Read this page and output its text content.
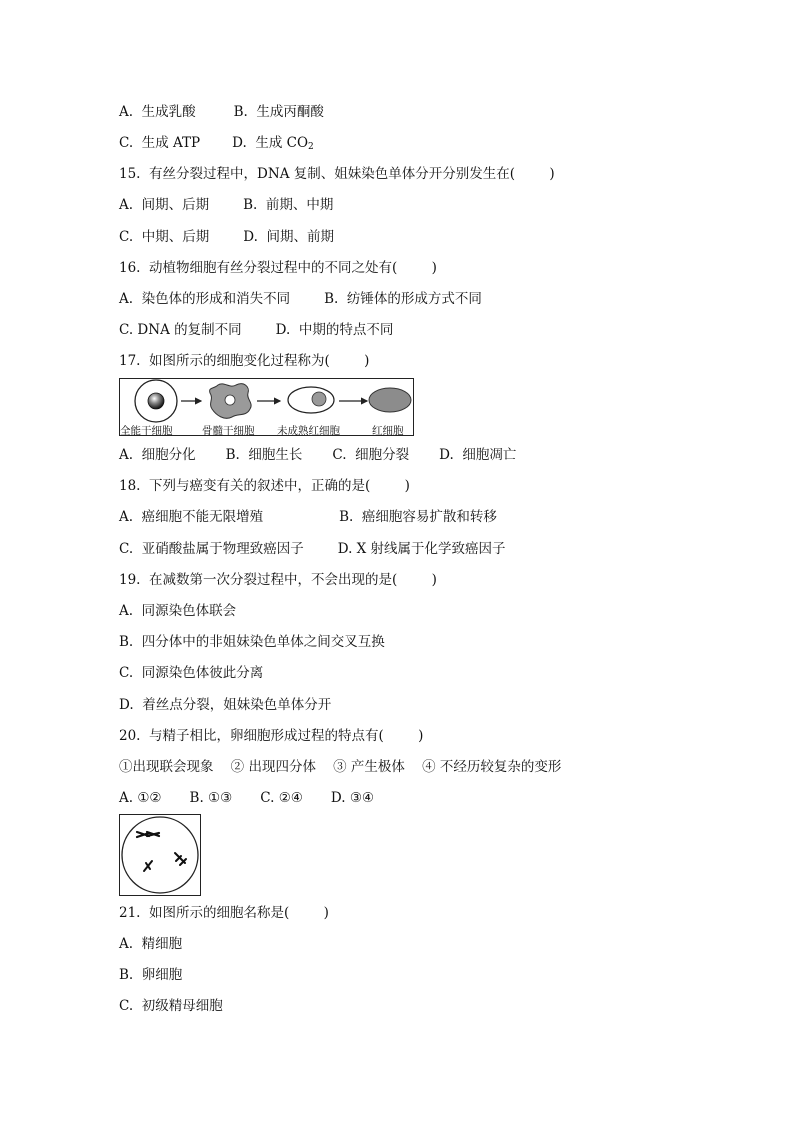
A.  生成乳酸	B.  生成丙酮酸
C.  生成 ATP D.  生成 $CO_2$
15.  有丝分裂过程中，DNA 复制、姐妹染色单体分开分别发生在(        )
A.  间期、后期	B.  前期、中期
C.  中期、后期	D.  间期、前期
16.  动植物细胞有丝分裂过程中的不同之处有(        )
A.  染色体的形成和消失不同	B.  纺锤体的形成方式不同
C. DNA 的复制不同	D.  中期的特点不同
17.  如图所示的细胞变化过程称为(        )
全能干细胞	骨髓干细胞 未成熟红细胞	红细胞
A.  细胞分化 B.  细胞生长 C.  细胞分裂 D.  细胞凋亡
18.  下列与癌变有关的叙述中，正确的是(        )
A.  癌细胞不能无限增殖	B.  癌细胞容易扩散和转移
C.  亚硝酸盐属于物理致癌因子	D. X 射线属于化学致癌因子
19.  在减数第一次分裂过程中，不会出现的是(        )
A.  同源染色体联会
B.  四分体中的非姐妹染色单体之间交叉互换
C.  同源染色体彼此分离
D.  着丝点分裂，姐妹染色单体分开
20.  与精子相比，卵细胞形成过程的特点有(        )
①出现联会现象    ② 出现四分体    ③ 产生极体    ④ 不经历较复杂的变形
A. ①② B. ①③ C. ②④ D. ③④
21.  如图所示的细胞名称是(        )
A.  精细胞
B.  卵细胞
C.  初级精母细胞
